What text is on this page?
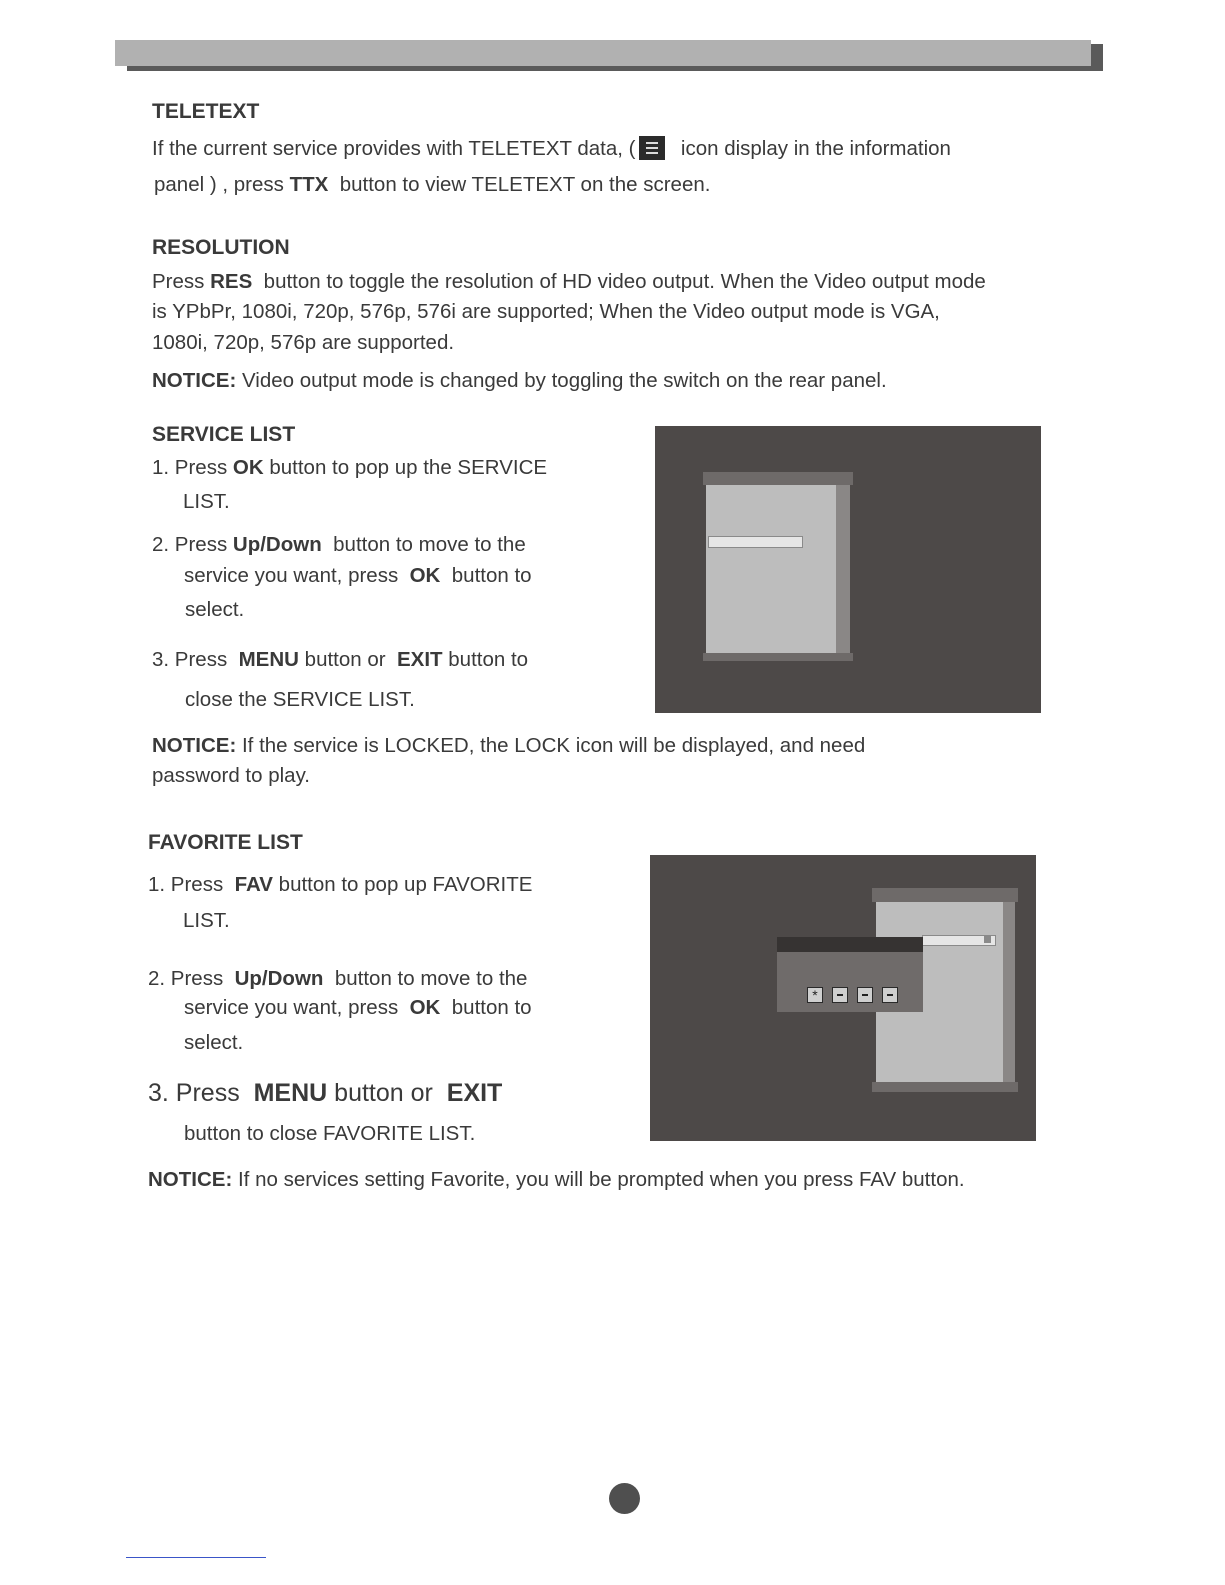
TELETEXT
If the current service provides with TELETEXT data, ( icon display in the information
panel ) , press TTX button to view TELETEXT on the screen.
RESOLUTION
Press RES button to toggle the resolution of HD video output. When the Video output mode
is YPbPr, 1080i, 720p, 576p, 576i are supported; When the Video output mode is VGA,
1080i, 720p, 576p are supported.
NOTICE: Video output mode is changed by toggling the switch on the rear panel.
SERVICE LIST
1. Press OK button to pop up the SERVICE
LIST.
2. Press Up/Down button to move to the
service you want, press OK button to
select.
3. Press MENU button or EXIT button to
close the SERVICE LIST.
NOTICE: If the service is LOCKED, the LOCK icon will be displayed, and need
password to play.
FAVORITE LIST
1. Press FAV button to pop up FAVORITE
LIST.
2. Press Up/Down button to move to the
service you want, press OK button to
select.
3. Press MENU button or EXIT
button to close FAVORITE LIST.
*
NOTICE: If no services setting Favorite, you will be prompted when you press FAV button.
